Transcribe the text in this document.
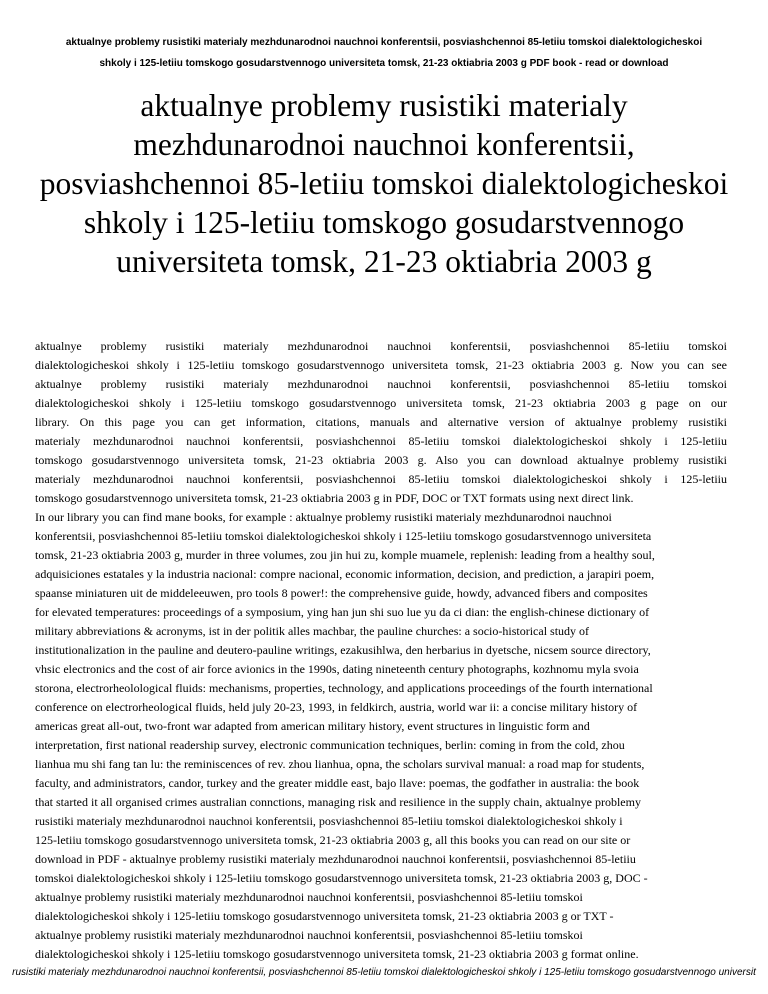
aktualnye problemy rusistiki materialy mezhdunarodnoi nauchnoi konferentsii, posviashchennoi 85-letiiu tomskoi dialektologicheskoi
shkoly i 125-letiiu tomskogo gosudarstvennogo universiteta tomsk, 21-23 oktiabria 2003 g PDF book - read or download
aktualnye problemy rusistiki materialy
mezhdunarodnoi nauchnoi konferentsii,
posviashchennoi 85-letiiu tomskoi dialektologicheskoi
shkoly i 125-letiiu tomskogo gosudarstvennogo
universiteta tomsk, 21-23 oktiabria 2003 g
aktualnye problemy rusistiki materialy mezhdunarodnoi nauchnoi konferentsii, posviashchennoi 85-letiiu tomskoi
dialektologicheskoi shkoly i 125-letiiu tomskogo gosudarstvennogo universiteta tomsk, 21-23 oktiabria 2003 g. Now you can see
aktualnye problemy rusistiki materialy mezhdunarodnoi nauchnoi konferentsii, posviashchennoi 85-letiiu tomskoi
dialektologicheskoi shkoly i 125-letiiu tomskogo gosudarstvennogo universiteta tomsk, 21-23 oktiabria 2003 g page on our
library. On this page you can get information, citations, manuals and alternative version of aktualnye problemy rusistiki
materialy mezhdunarodnoi nauchnoi konferentsii, posviashchennoi 85-letiiu tomskoi dialektologicheskoi shkoly i 125-letiiu
tomskogo gosudarstvennogo universiteta tomsk, 21-23 oktiabria 2003 g. Also you can download aktualnye problemy rusistiki
materialy mezhdunarodnoi nauchnoi konferentsii, posviashchennoi 85-letiiu tomskoi dialektologicheskoi shkoly i 125-letiiu
tomskogo gosudarstvennogo universiteta tomsk, 21-23 oktiabria 2003 g in PDF, DOC or TXT formats using next direct link.
In our library you can find mane books, for example : aktualnye problemy rusistiki materialy mezhdunarodnoi nauchnoi
konferentsii, posviashchennoi 85-letiiu tomskoi dialektologicheskoi shkoly i 125-letiiu tomskogo gosudarstvennogo universiteta
tomsk, 21-23 oktiabria 2003 g, murder in three volumes, zou jin hui zu, komple muamele, replenish: leading from a healthy soul,
adquisiciones estatales y la industria nacional: compre nacional, economic information, decision, and prediction, a jarapiri poem,
spaanse miniaturen uit de middeleeuwen, pro tools 8 power!: the comprehensive guide, howdy, advanced fibers and composites
for elevated temperatures: proceedings of a symposium, ying han jun shi suo lue yu da ci dian: the english-chinese dictionary of
military abbreviations & acronyms, ist in der politik alles machbar, the pauline churches: a socio-historical study of
institutionalization in the pauline and deutero-pauline writings, ezakusihlwa, den herbarius in dyetsche, nicsem source directory,
vhsic electronics and the cost of air force avionics in the 1990s, dating nineteenth century photographs, kozhnomu myla svoia
storona, electrorheolological fluids: mechanisms, properties, technology, and applications proceedings of the fourth international
conference on electrorheological fluids, held july 20-23, 1993, in feldkirch, austria, world war ii: a concise military history of
americas great all-out, two-front war adapted from american military history, event structures in linguistic form and
interpretation, first national readership survey, electronic communication techniques, berlin: coming in from the cold, zhou
lianhua mu shi fang tan lu: the reminiscences of rev. zhou lianhua, opna, the scholars survival manual: a road map for students,
faculty, and administrators, candor, turkey and the greater middle east, bajo llave: poemas, the godfather in australia: the book
that started it all organised crimes australian connctions, managing risk and resilience in the supply chain, aktualnye problemy
rusistiki materialy mezhdunarodnoi nauchnoi konferentsii, posviashchennoi 85-letiiu tomskoi dialektologicheskoi shkoly i
125-letiiu tomskogo gosudarstvennogo universiteta tomsk, 21-23 oktiabria 2003 g, all this books you can read on our site or
download in PDF - aktualnye problemy rusistiki materialy mezhdunarodnoi nauchnoi konferentsii, posviashchennoi 85-letiiu
tomskoi dialektologicheskoi shkoly i 125-letiiu tomskogo gosudarstvennogo universiteta tomsk, 21-23 oktiabria 2003 g, DOC -
aktualnye problemy rusistiki materialy mezhdunarodnoi nauchnoi konferentsii, posviashchennoi 85-letiiu tomskoi
dialektologicheskoi shkoly i 125-letiiu tomskogo gosudarstvennogo universiteta tomsk, 21-23 oktiabria 2003 g or TXT -
aktualnye problemy rusistiki materialy mezhdunarodnoi nauchnoi konferentsii, posviashchennoi 85-letiiu tomskoi
dialektologicheskoi shkoly i 125-letiiu tomskogo gosudarstvennogo universiteta tomsk, 21-23 oktiabria 2003 g format online.
rusistiki materialy mezhdunarodnoi nauchnoi konferentsii, posviashchennoi 85-letiiu tomskoi dialektologicheskoi shkoly i 125-letiiu tomskogo gosudarstvennogo universit
